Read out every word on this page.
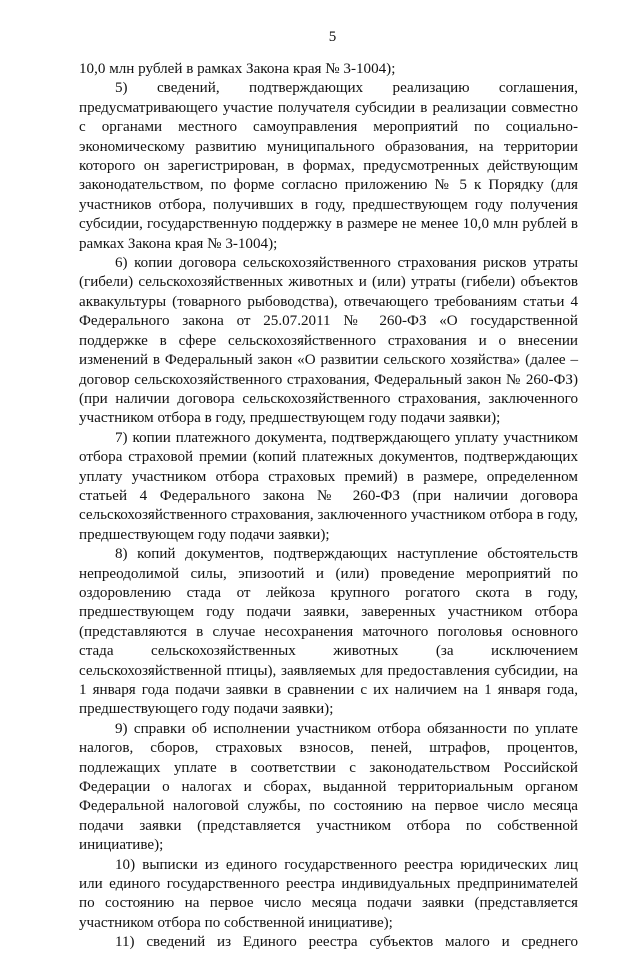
5

10,0 млн рублей в рамках Закона края № 3-1004);

5) сведений, подтверждающих реализацию соглашения, предусматривающего участие получателя субсидии в реализации совместно с органами местного самоуправления мероприятий по социально-экономическому развитию муниципального образования, на территории которого он зарегистрирован, в формах, предусмотренных действующим законодательством, по форме согласно приложению № 5 к Порядку (для участников отбора, получивших в году, предшествующем году получения субсидии, государственную поддержку в размере не менее 10,0 млн рублей в рамках Закона края № 3-1004);

6) копии договора сельскохозяйственного страхования рисков утраты (гибели) сельскохозяйственных животных и (или) утраты (гибели) объектов аквакультуры (товарного рыбоводства), отвечающего требованиям статьи 4 Федерального закона от 25.07.2011 № 260-ФЗ «О государственной поддержке в сфере сельскохозяйственного страхования и о внесении изменений в Федеральный закон «О развитии сельского хозяйства» (далее – договор сельскохозяйственного страхования, Федеральный закон № 260-ФЗ) (при наличии договора сельскохозяйственного страхования, заключенного участником отбора в году, предшествующем году подачи заявки);

7) копии платежного документа, подтверждающего уплату участником отбора страховой премии (копий платежных документов, подтверждающих уплату участником отбора страховых премий) в размере, определенном статьей 4 Федерального закона № 260-ФЗ (при наличии договора сельскохозяйственного страхования, заключенного участником отбора в году, предшествующем году подачи заявки);

8) копий документов, подтверждающих наступление обстоятельств непреодолимой силы, эпизоотий и (или) проведение мероприятий по оздоровлению стада от лейкоза крупного рогатого скота в году, предшествующем году подачи заявки, заверенных участником отбора (представляются в случае несохранения маточного поголовья основного стада сельскохозяйственных животных (за исключением сельскохозяйственной птицы), заявляемых для предоставления субсидии, на 1 января года подачи заявки в сравнении с их наличием на 1 января года, предшествующего году подачи заявки);

9) справки об исполнении участником отбора обязанности по уплате налогов, сборов, страховых взносов, пеней, штрафов, процентов, подлежащих уплате в соответствии с законодательством Российской Федерации о налогах и сборах, выданной территориальным органом Федеральной налоговой службы, по состоянию на первое число месяца подачи заявки (представляется участником отбора по собственной инициативе);

10) выписки из единого государственного реестра юридических лиц или единого государственного реестра индивидуальных предпринимателей по состоянию на первое число месяца подачи заявки (представляется участником отбора по собственной инициативе);

11) сведений из Единого реестра субъектов малого и среднего
